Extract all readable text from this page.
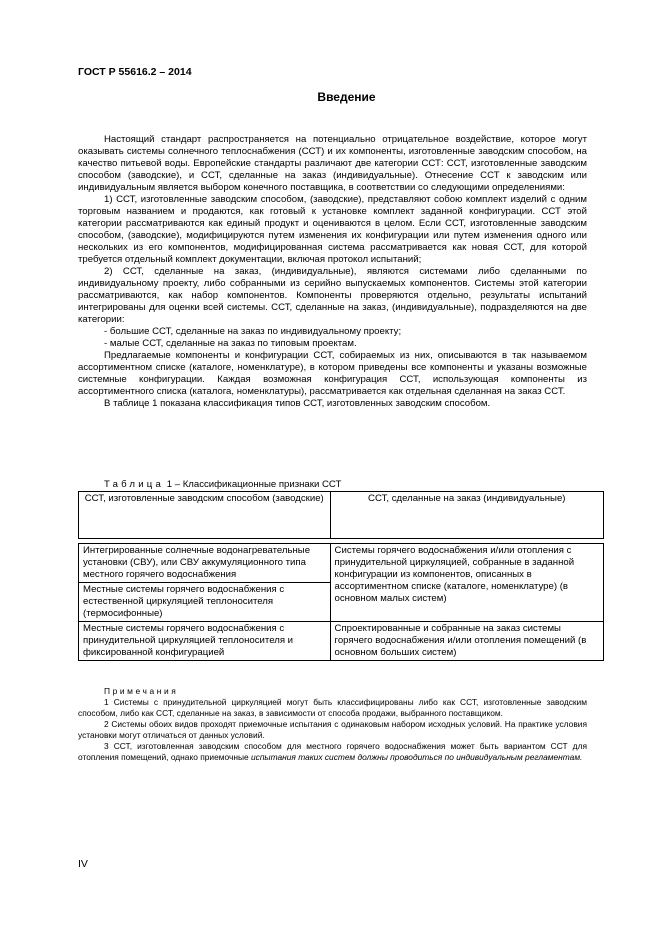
ГОСТ Р 55616.2 – 2014
Введение

Настоящий стандарт распространяется на потенциально отрицательное воздействие, которое могут оказывать системы солнечного теплоснабжения (ССТ) и их компоненты, изготовленные заводским способом, на качество питьевой воды. Европейские стандарты различают две категории ССТ: ССТ, изготовленные заводским способом (заводские), и ССТ, сделанные на заказ (индивидуальные). Отнесение ССТ к заводским или индивидуальным является выбором конечного поставщика, в соответствии со следующими определениями:

1) ССТ, изготовленные заводским способом, (заводские), представляют собою комплект изделий с одним торговым названием и продаются, как готовый к установке комплект заданной конфигурации. ССТ этой категории рассматриваются как единый продукт и оцениваются в целом. Если ССТ, изготовленные заводским способом, (заводские), модифицируются путем изменения их конфигурации или путем изменения одного или нескольких из его компонентов, модифицированная система рассматривается как новая ССТ, для которой требуется отдельный комплект документации, включая протокол испытаний;

2) ССТ, сделанные на заказ, (индивидуальные), являются системами либо сделанными по индивидуальному проекту, либо собранными из серийно выпускаемых компонентов. Системы этой категории рассматриваются, как набор компонентов. Компоненты проверяются отдельно, результаты испытаний интегрированы для оценки всей системы. ССТ, сделанные на заказ, (индивидуальные), подразделяются на две категории:

- большие ССТ, сделанные на заказ по индивидуальному проекту;

- малые ССТ, сделанные на заказ по типовым проектам.

Предлагаемые компоненты и конфигурации ССТ, собираемых из них, описываются в так называемом ассортиментном списке (каталоге, номенклатуре), в котором приведены все компоненты и указаны возможные системные конфигурации. Каждая возможная конфигурация ССТ, использующая компоненты из ассортиментного списка (каталога, номенклатуры), рассматривается как отдельная сделанная на заказ ССТ.

В таблице 1 показана классификация типов ССТ, изготовленных заводским способом.

Таблица 1 – Классификационные признаки ССТ
ССТ, изготовленные заводским способом (заводские)	ССТ, сделанные на заказ (индивидуальные)

Интегрированные солнечные водонагревательные установки (СВУ), или СВУ аккумуляционного типа местного горячего водоснабжения	Системы горячего водоснабжения и/или отопления с принудительной циркуляцией, собранные в заданной конфигурации из компонентов, описанных в ассортиментном списке (каталоге, номенклатуре) (в основном малых систем)
Местные системы горячего водоснабжения с естественной циркуляцией теплоносителя (термосифонные)	
Местные системы горячего водоснабжения с принудительной циркуляцией теплоносителя и фиксированной конфигурацией	Спроектированные и собранные на заказ системы горячего водоснабжения и/или отопления помещений (в основном больших систем)

Примечания

1 Системы с принудительной циркуляцией могут быть классифицированы либо как ССТ, изготовленные заводским способом, либо как ССТ, сделанные на заказ, в зависимости от способа продажи, выбранного поставщиком.

2 Системы обоих видов проходят приемочные испытания с одинаковым набором исходных условий. На практике условия установки могут отличаться от данных условий.

3 ССТ, изготовленная заводским способом для местного горячего водоснабжения может быть вариантом ССТ для отопления помещений, однако приемочные испытания таких систем должны проводиться по индивидуальным регламентам.

IV
